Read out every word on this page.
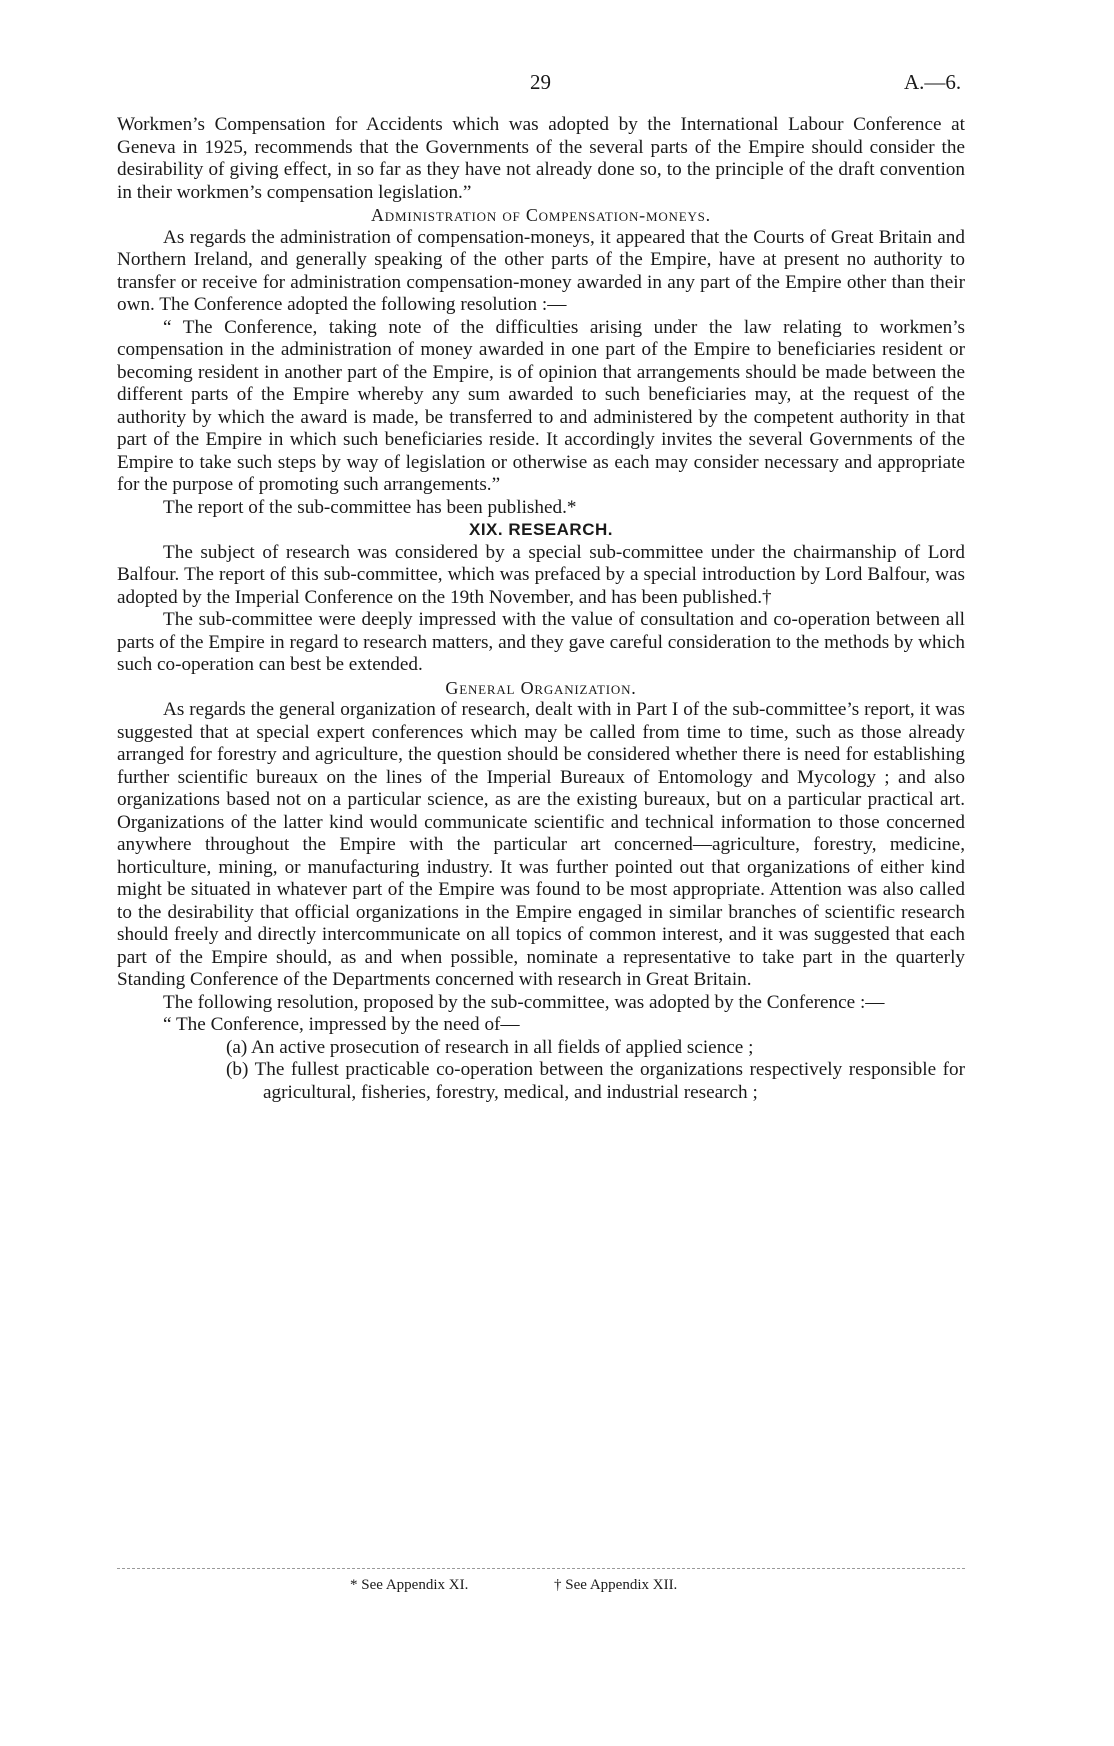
29	A.—6.

Workmen’s Compensation for Accidents which was adopted by the International Labour Conference at Geneva in 1925, recommends that the Governments of the several parts of the Empire should consider the desirability of giving effect, in so far as they have not already done so, to the principle of the draft convention in their workmen’s compensation legislation.”

Administration of Compensation-moneys.

As regards the administration of compensation-moneys, it appeared that the Courts of Great Britain and Northern Ireland, and generally speaking of the other parts of the Empire, have at present no authority to transfer or receive for administration compensation-money awarded in any part of the Empire other than their own. The Conference adopted the following resolution :—

“ The Conference, taking note of the difficulties arising under the law relating to workmen’s compensation in the administration of money awarded in one part of the Empire to beneficiaries resident or becoming resident in another part of the Empire, is of opinion that arrangements should be made between the different parts of the Empire whereby any sum awarded to such beneficiaries may, at the request of the authority by which the award is made, be transferred to and administered by the competent authority in that part of the Empire in which such beneficiaries reside. It accordingly invites the several Governments of the Empire to take such steps by way of legislation or otherwise as each may consider necessary and appropriate for the purpose of promoting such arrangements.”

The report of the sub-committee has been published.*

XIX. RESEARCH.

The subject of research was considered by a special sub-committee under the chairmanship of Lord Balfour. The report of this sub-committee, which was prefaced by a special introduction by Lord Balfour, was adopted by the Imperial Conference on the 19th November, and has been published.†

The sub-committee were deeply impressed with the value of consultation and co-operation between all parts of the Empire in regard to research matters, and they gave careful consideration to the methods by which such co-operation can best be extended.

General Organization.

As regards the general organization of research, dealt with in Part I of the sub-committee’s report, it was suggested that at special expert conferences which may be called from time to time, such as those already arranged for forestry and agriculture, the question should be considered whether there is need for establishing further scientific bureaux on the lines of the Imperial Bureaux of Entomology and Mycology ; and also organizations based not on a particular science, as are the existing bureaux, but on a particular practical art. Organizations of the latter kind would communicate scientific and technical information to those concerned anywhere throughout the Empire with the particular art concerned—agriculture, forestry, medicine, horticulture, mining, or manufacturing industry. It was further pointed out that organizations of either kind might be situated in whatever part of the Empire was found to be most appropriate. Attention was also called to the desirability that official organizations in the Empire engaged in similar branches of scientific research should freely and directly intercommunicate on all topics of common interest, and it was suggested that each part of the Empire should, as and when possible, nominate a representative to take part in the quarterly Standing Conference of the Departments concerned with research in Great Britain.

The following resolution, proposed by the sub-committee, was adopted by the Conference :—

“ The Conference, impressed by the need of—

(a) An active prosecution of research in all fields of applied science ;

(b) The fullest practicable co-operation between the organizations respectively responsible for agricultural, fisheries, forestry, medical, and industrial research ;

* See Appendix XI.	† See Appendix XII.
